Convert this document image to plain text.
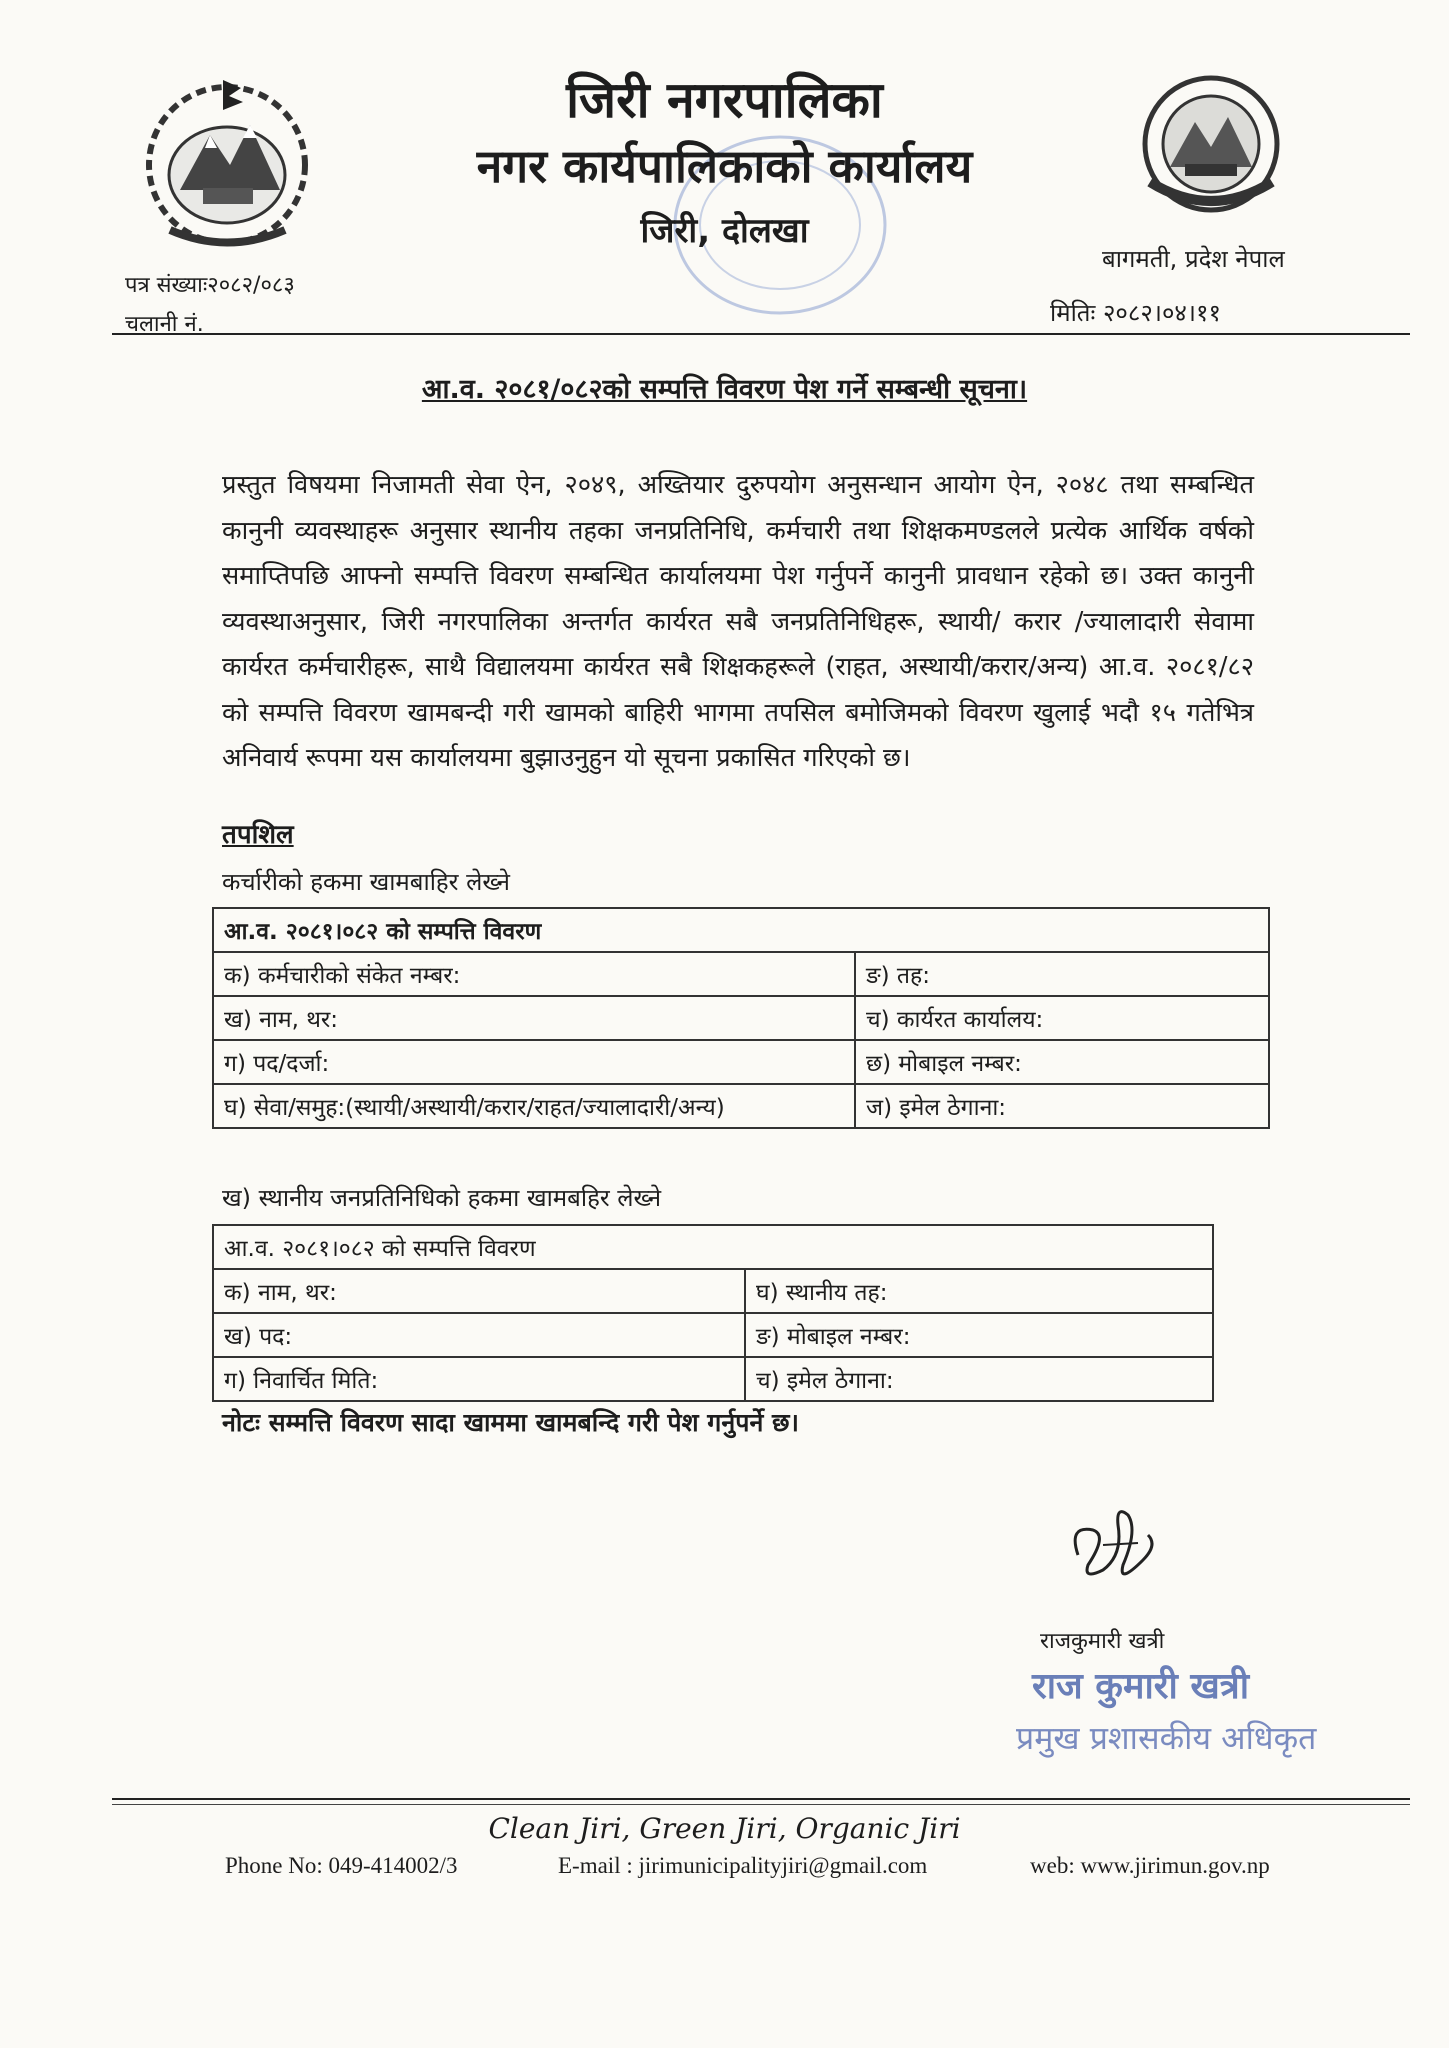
जिरी नगरपालिका
नगर कार्यपालिकाको कार्यालय
जिरी, दोलखा
पत्र संख्याः२०८२/०८३
चलानी नं.
बागमती, प्रदेश नेपाल
मितिः २०८२।०४।११
आ.व. २०८१/०८२को सम्पत्ति विवरण पेश गर्ने सम्बन्धी सूचना।
प्रस्तुत विषयमा निजामती सेवा ऐन, २०४९, अख्तियार दुरुपयोग अनुसन्धान आयोग ऐन, २०४८ तथा सम्बन्धित कानुनी व्यवस्थाहरू अनुसार स्थानीय तहका जनप्रतिनिधि, कर्मचारी तथा शिक्षकमण्डलले प्रत्येक आर्थिक वर्षको समाप्तिपछि आफ्नो सम्पत्ति विवरण सम्बन्धित कार्यालयमा पेश गर्नुपर्ने कानुनी प्रावधान रहेको छ। उक्त कानुनी व्यवस्थाअनुसार, जिरी नगरपालिका अन्तर्गत कार्यरत सबै जनप्रतिनिधिहरू, स्थायी/ करार /ज्यालादारी सेवामा कार्यरत कर्मचारीहरू, साथै विद्यालयमा कार्यरत सबै शिक्षकहरूले (राहत, अस्थायी/करार/अन्य) आ.व. २०८१/८२ को सम्पत्ति विवरण खामबन्दी गरी खामको बाहिरी भागमा तपसिल बमोजिमको विवरण खुलाई भदौ १५ गतेभित्र अनिवार्य रूपमा यस कार्यालयमा बुझाउनुहुन यो सूचना प्रकासित गरिएको छ।
तपशिल
कर्चारीको हकमा खामबाहिर लेख्ने
आ.व. २०८१।०८२ को सम्पत्ति विवरण	
क) कर्मचारीको संकेत नम्बर:	ङ) तह:
ख) नाम, थर:	च) कार्यरत कार्यालय:
ग) पद/दर्जा:	छ) मोबाइल नम्बर:
घ) सेवा/समुह:(स्थायी/अस्थायी/करार/राहत/ज्यालादारी/अन्य)	ज) इमेल ठेगाना:
ख) स्थानीय जनप्रतिनिधिको हकमा खामबहिर लेख्ने
आ.व. २०८१।०८२ को सम्पत्ति विवरण	
क) नाम, थर:	घ) स्थानीय तह:
ख) पद:	ङ) मोबाइल नम्बर:
ग) निवार्चित मिति:	च) इमेल ठेगाना:
नोटः सम्मत्ति विवरण सादा खाममा खामबन्दि गरी पेश गर्नुपर्ने छ।
राजकुमारी खत्री
राज कुमारी खत्री
प्रमुख प्रशासकीय अधिकृत
Clean Jiri, Green Jiri, Organic Jiri
Phone No: 049-414002/3	E-mail : jirimunicipalityjiri@gmail.com	web: www.jirimun.gov.np
